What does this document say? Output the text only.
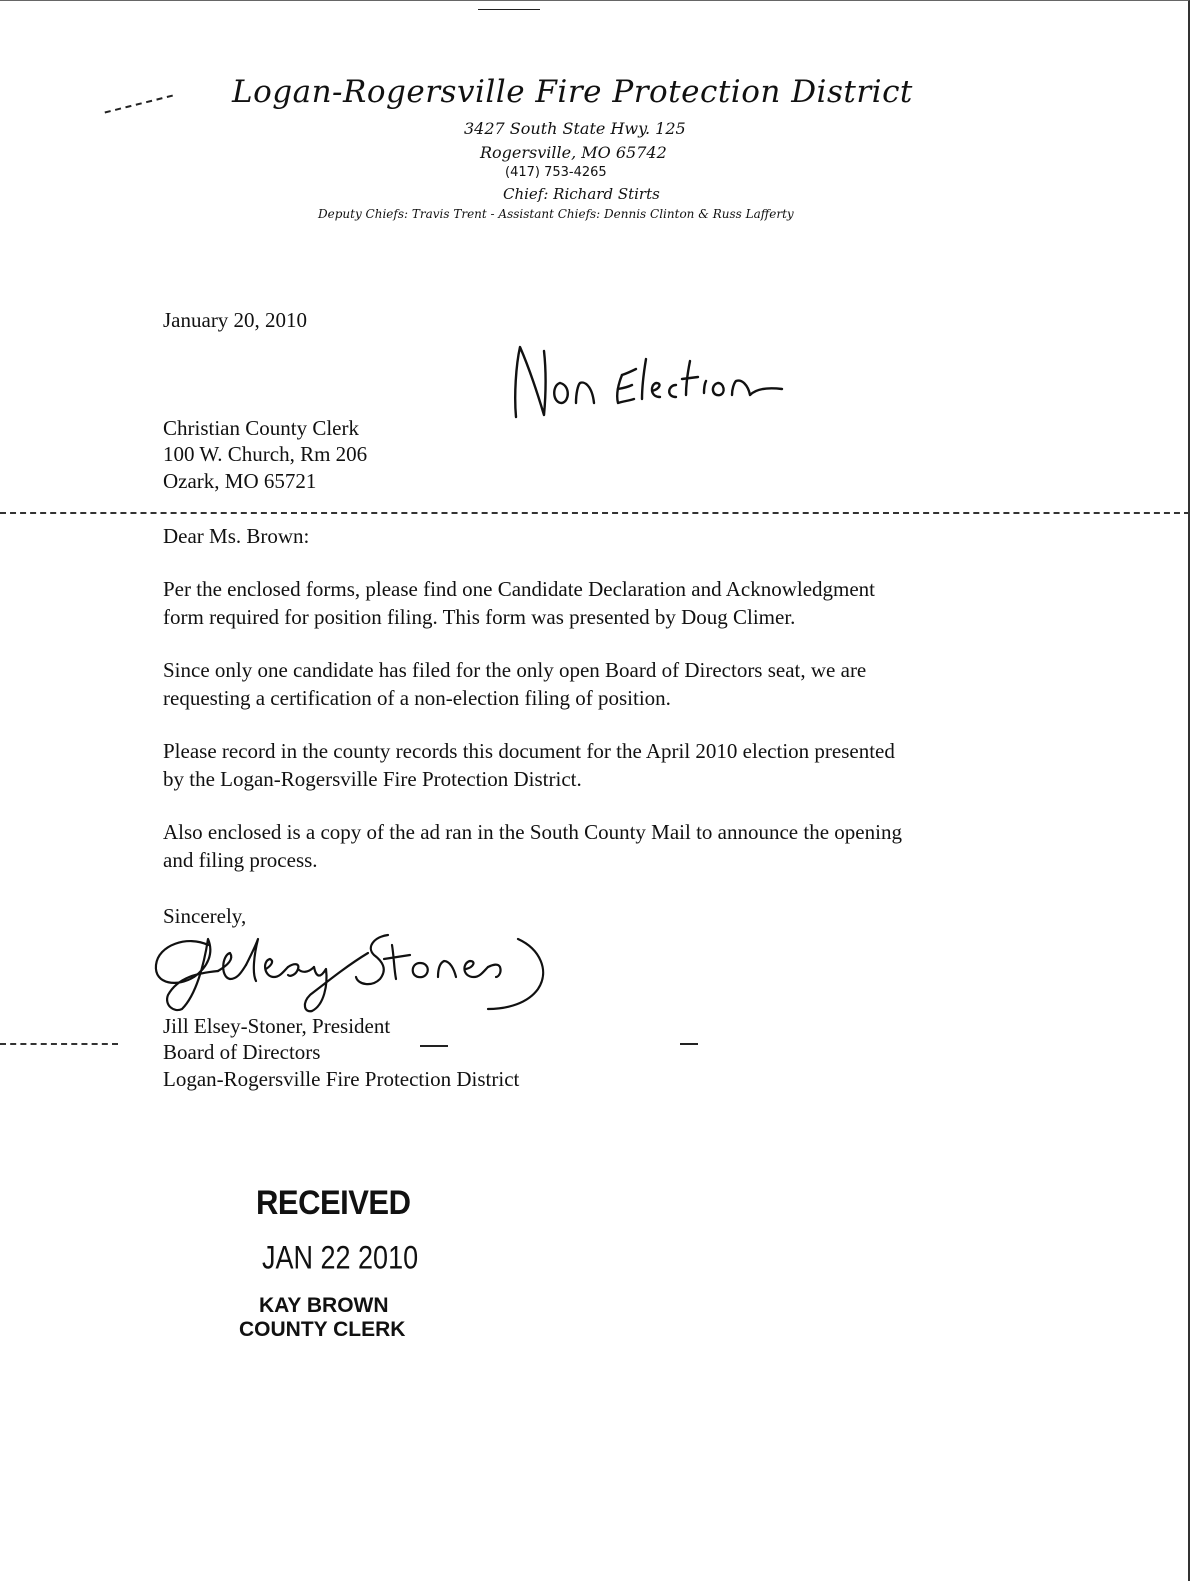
Logan-Rogersville Fire Protection District
3427 South State Hwy. 125
Rogersville, MO 65742
(417) 753-4265
Chief: Richard Stirts
Deputy Chiefs: Travis Trent - Assistant Chiefs: Dennis Clinton & Russ Lafferty
January 20, 2010
Christian County Clerk
100 W. Church, Rm 206
Ozark, MO 65721
Dear Ms. Brown:
Per the enclosed forms, please find one Candidate Declaration and Acknowledgment
form required for position filing. This form was presented by Doug Climer.
Since only one candidate has filed for the only open Board of Directors seat, we are
requesting a certification of a non-election filing of position.
Please record in the county records this document for the April 2010 election presented
by the Logan-Rogersville Fire Protection District.
Also enclosed is a copy of the ad ran in the South County Mail to announce the opening
and filing process.
Sincerely,
Jill Elsey-Stoner, President
Board of Directors
Logan-Rogersville Fire Protection District
RECEIVED
JAN 22 2010
KAY BROWN
COUNTY CLERK
